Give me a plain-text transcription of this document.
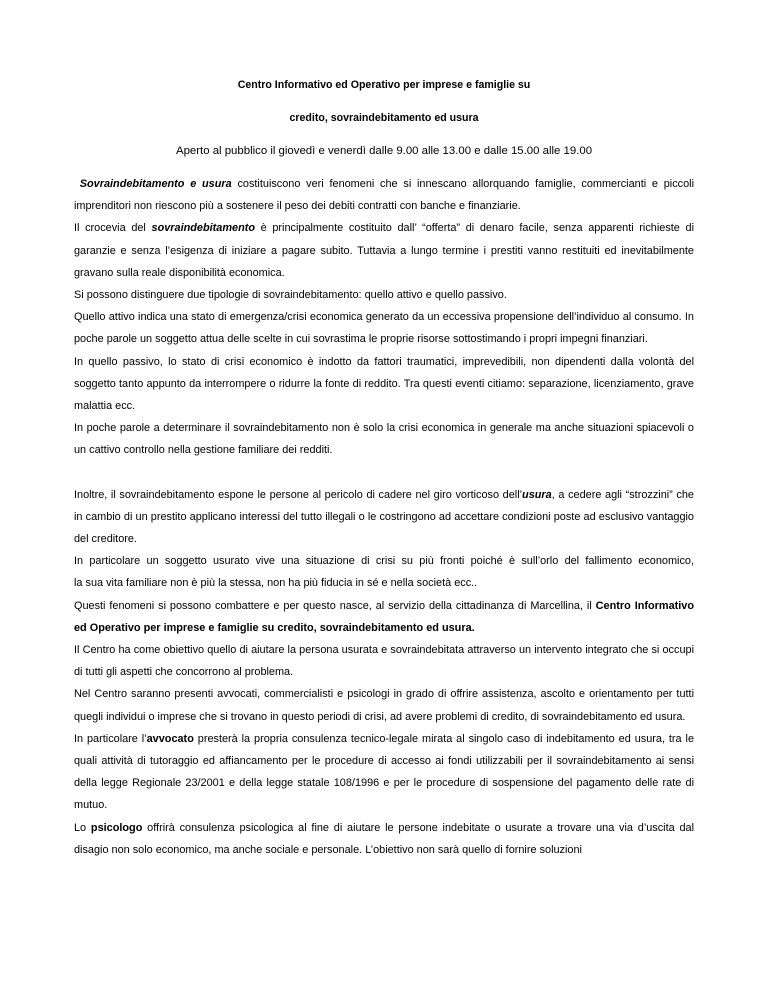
Centro Informativo ed Operativo per imprese e famiglie su

credito, sovraindebitamento ed usura

Aperto al pubblico il giovedì e venerdì dalle 9.00 alle 13.00 e dalle 15.00 alle 19.00

Sovraindebitamento e usura costituiscono veri fenomeni che si innescano allorquando famiglie, commercianti e piccoli imprenditori non riescono più a sostenere il peso dei debiti contratti con banche e finanziarie.

Il crocevia del sovraindebitamento è principalmente costituito dall’ “offerta” di denaro facile, senza apparenti richieste di garanzie e senza l’esigenza di iniziare a pagare subito. Tuttavia a lungo termine i prestiti vanno restituiti ed inevitabilmente gravano sulla reale disponibilità economica.

Si possono distinguere due tipologie di sovraindebitamento: quello attivo e quello passivo.

Quello attivo indica una stato di emergenza/crisi economica generato da un eccessiva propensione dell’individuo al consumo. In poche parole un soggetto attua delle scelte in cui sovrastima le proprie risorse sottostimando i propri impegni finanziari.

In quello passivo, lo stato di crisi economico è indotto da fattori traumatici, imprevedibili, non dipendenti dalla volontà del soggetto tanto appunto da interrompere o ridurre la fonte di reddito. Tra questi eventi citiamo: separazione, licenziamento, grave malattia ecc.

In poche parole a determinare il sovraindebitamento non è solo la crisi economica in generale ma anche situazioni spiacevoli o un cattivo controllo nella gestione familiare dei redditi.

Inoltre, il sovraindebitamento espone le persone al pericolo di cadere nel giro vorticoso dell’usura, a cedere agli “strozzini” che in cambio di un prestito applicano interessi del tutto illegali o le costringono ad accettare condizioni poste ad esclusivo vantaggio del creditore.

In particolare un soggetto usurato vive una situazione di crisi su più fronti poiché è sull’orlo del fallimento economico,

la sua vita familiare non è più la stessa, non ha più fiducia in sé e nella società ecc..

Questi fenomeni si possono combattere e per questo nasce, al servizio della cittadinanza di Marcellina, il Centro Informativo ed Operativo per imprese e famiglie su credito, sovraindebitamento ed usura.

Il Centro ha come obiettivo quello di aiutare la persona usurata e sovraindebitata attraverso un intervento integrato che si occupi di tutti gli aspetti che concorrono al problema.

Nel Centro saranno presenti avvocati, commercialisti e psicologi in grado di offrire assistenza, ascolto e orientamento per tutti quegli individui o imprese che si trovano in questo periodi di crisi, ad avere problemi di credito, di sovraindebitamento ed usura.

In particolare l’avvocato presterà la propria consulenza tecnico-legale mirata al singolo caso di indebitamento ed usura, tra le quali attività di tutoraggio ed affiancamento per le procedure di accesso ai fondi utilizzabili per il sovraindebitamento ai sensi della legge Regionale 23/2001 e della legge statale 108/1996 e per le procedure di sospensione del pagamento delle rate di mutuo.

Lo psicologo offrirà consulenza psicologica al fine di aiutare le persone indebitate o usurate a trovare una via d’uscita dal disagio non solo economico, ma anche sociale e personale. L’obiettivo non sarà quello di fornire soluzioni
